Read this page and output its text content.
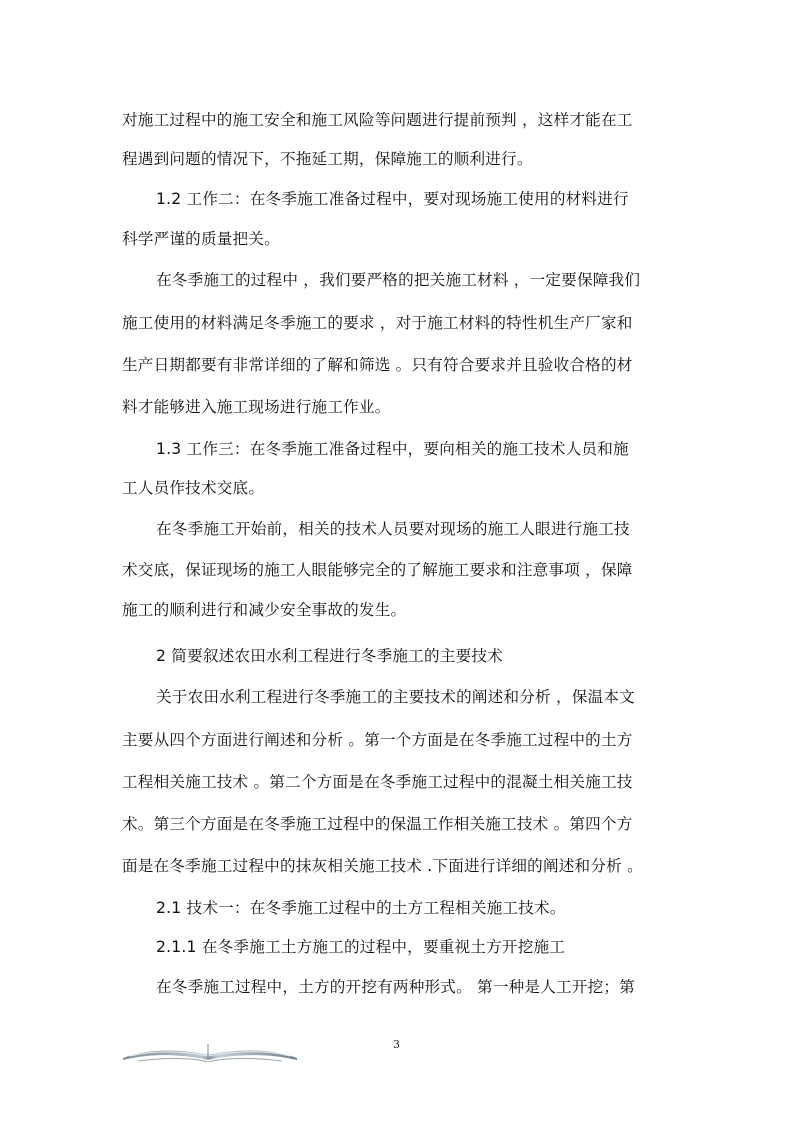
对施工过程中的施工安全和施工风险等问题进行提前预判 ，这样才能在工
程遇到问题的情况下，不拖延工期，保障施工的顺利进行。
1.2 工作二：在冬季施工准备过程中，要对现场施工使用的材料进行
科学严谨的质量把关。
在冬季施工的过程中 ，我们要严格的把关施工材料 ，一定要保障我们
施工使用的材料满足冬季施工的要求 ，对于施工材料的特性机生产厂家和
生产日期都要有非常详细的了解和筛选 。只有符合要求并且验收合格的材
料才能够进入施工现场进行施工作业。
1.3 工作三：在冬季施工准备过程中，要向相关的施工技术人员和施
工人员作技术交底。
在冬季施工开始前，相关的技术人员要对现场的施工人眼进行施工技
术交底，保证现场的施工人眼能够完全的了解施工要求和注意事项 ，保障
施工的顺利进行和减少安全事故的发生。
2 简要叙述农田水利工程进行冬季施工的主要技术
关于农田水利工程进行冬季施工的主要技术的阐述和分析 ，保温本文
主要从四个方面进行阐述和分析 。第一个方面是在冬季施工过程中的土方
工程相关施工技术 。第二个方面是在冬季施工过程中的混凝土相关施工技
术。第三个方面是在冬季施工过程中的保温工作相关施工技术 。第四个方
面是在冬季施工过程中的抹灰相关施工技术 .下面进行详细的阐述和分析 。
2.1 技术一：在冬季施工过程中的土方工程相关施工技术。
2.1.1 在冬季施工土方施工的过程中，要重视土方开挖施工
在冬季施工过程中，土方的开挖有两种形式。 第一种是人工开挖；第
3
